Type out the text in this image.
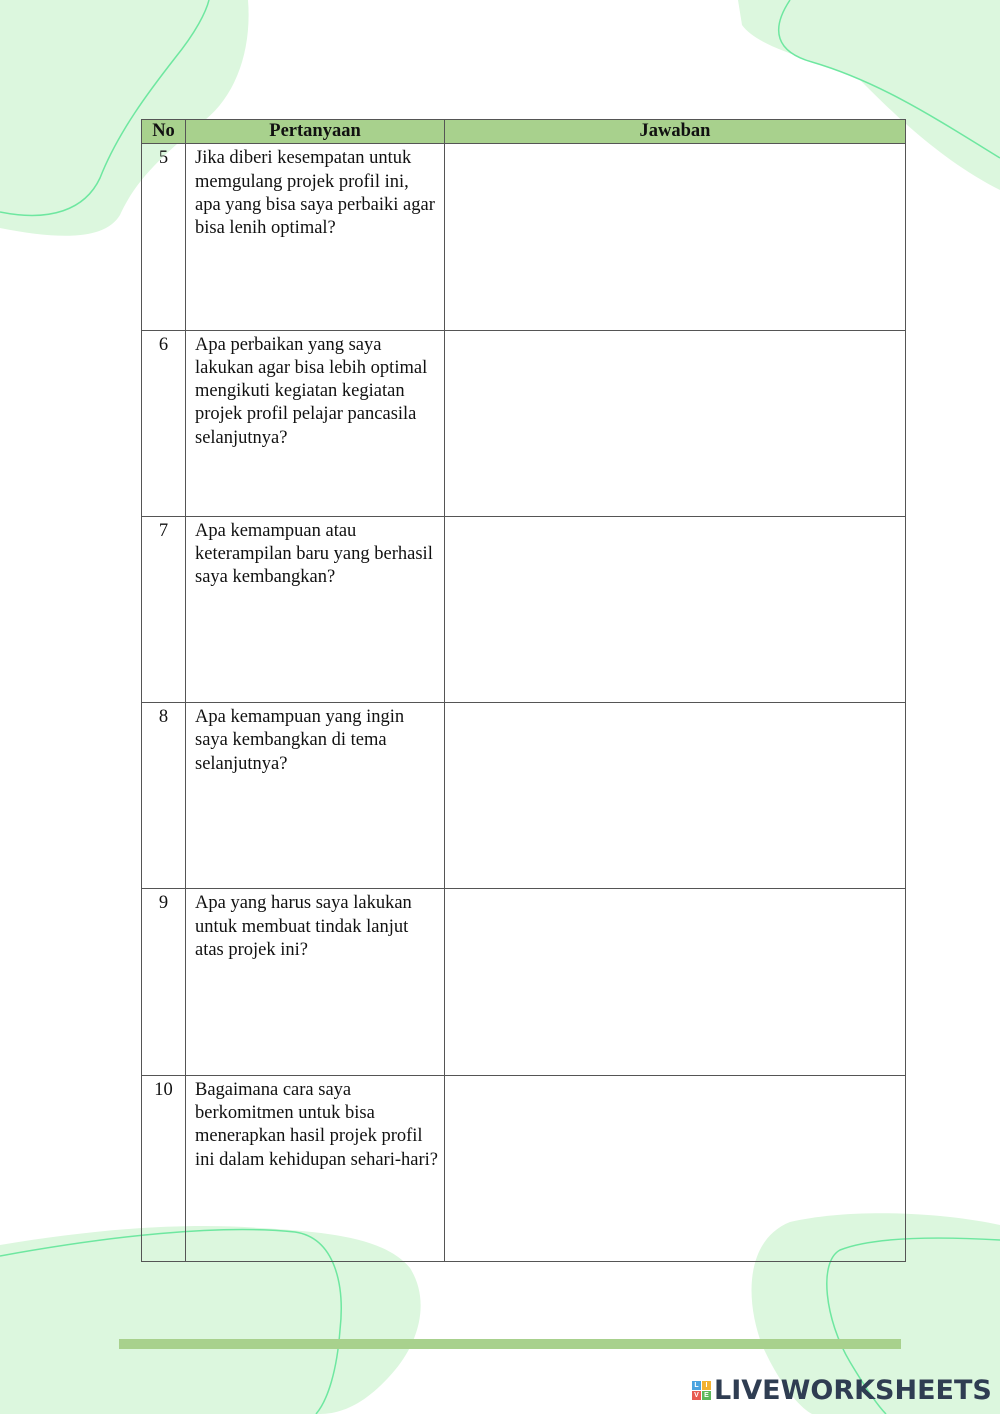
No	Pertanyaan	Jawaban
5	Jika diberi kesempatan untuk memgulang projek profil ini, apa yang bisa saya perbaiki agar bisa lenih optimal?	
6	Apa perbaikan yang saya lakukan agar bisa lebih optimal mengikuti kegiatan kegiatan projek profil pelajar pancasila selanjutnya?	
7	Apa kemampuan atau keterampilan baru yang berhasil saya kembangkan?	
8	Apa kemampuan yang ingin saya kembangkan di tema selanjutnya?	
9	Apa yang harus saya lakukan untuk membuat tindak lanjut atas projek ini?	
10	Bagaimana cara saya berkomitmen untuk bisa menerapkan hasil projek profil ini dalam kehidupan sehari-hari?	
L I
V E LIVEWORKSHEETS
